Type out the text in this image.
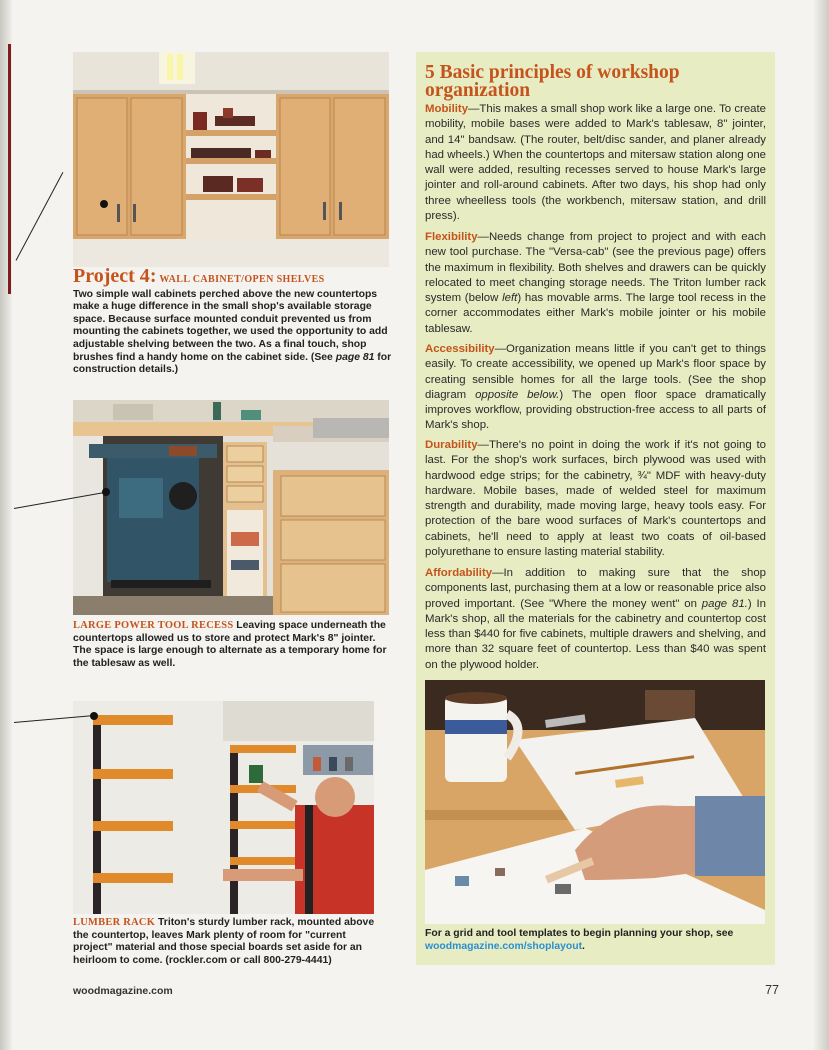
Project 4: WALL CABINET/OPEN SHELVES
Two simple wall cabinets perched above the new countertops make a huge difference in the small shop's available storage space. Because surface mounted conduit prevented us from mounting the cabinets together, we used the opportunity to add adjustable shelving between the two. As a final touch, shop brushes find a handy home on the cabinet side. (See page 81 for construction details.)
LARGE POWER TOOL RECESS Leaving space underneath the countertops allowed us to store and protect Mark's 8" jointer. The space is large enough to alternate as a temporary home for the tablesaw as well.
LUMBER RACK Triton's sturdy lumber rack, mounted above the countertop, leaves Mark plenty of room for "current project" material and those special boards set aside for an heirloom to come. (rockler.com or call 800-279-4441)
5 Basic principles of workshop organization
Mobility—This makes a small shop work like a large one. To create mobility, mobile bases were added to Mark's tablesaw, 8" jointer, and 14" bandsaw. (The router, belt/disc sander, and planer already had wheels.) When the countertops and mitersaw station along one wall were added, resulting recesses served to house Mark's large jointer and roll-around cabinets. After two days, his shop had only three wheelless tools (the workbench, mitersaw station, and drill press).
Flexibility—Needs change from project to project and with each new tool purchase. The "Versa-cab" (see the previous page) offers the maximum in flexibility. Both shelves and drawers can be quickly relocated to meet changing storage needs. The Triton lumber rack system (below left) has movable arms. The large tool recess in the corner accommodates either Mark's mobile jointer or his mobile tablesaw.
Accessibility—Organization means little if you can't get to things easily. To create accessibility, we opened up Mark's floor space by creating sensible homes for all the large tools. (See the shop diagram opposite below.) The open floor space dramatically improves workflow, providing obstruction-free access to all parts of Mark's shop.
Durability—There's no point in doing the work if it's not going to last. For the shop's work surfaces, birch plywood was used with hardwood edge strips; for the cabinetry, ¾" MDF with heavy-duty hardware. Mobile bases, made of welded steel for maximum strength and durability, made moving large, heavy tools easy. For protection of the bare wood surfaces of Mark's countertops and cabinets, he'll need to apply at least two coats of oil-based polyurethane to ensure lasting material stability.
Affordability—In addition to making sure that the shop components last, purchasing them at a low or reasonable price also proved important. (See "Where the money went" on page 81.) In Mark's shop, all the materials for the cabinetry and countertop cost less than $440 for five cabinets, multiple drawers and shelving, and more than 32 square feet of countertop. Less than $40 was spent on the plywood holder.
For a grid and tool templates to begin planning your shop, see woodmagazine.com/shoplayout.
woodmagazine.com	77
